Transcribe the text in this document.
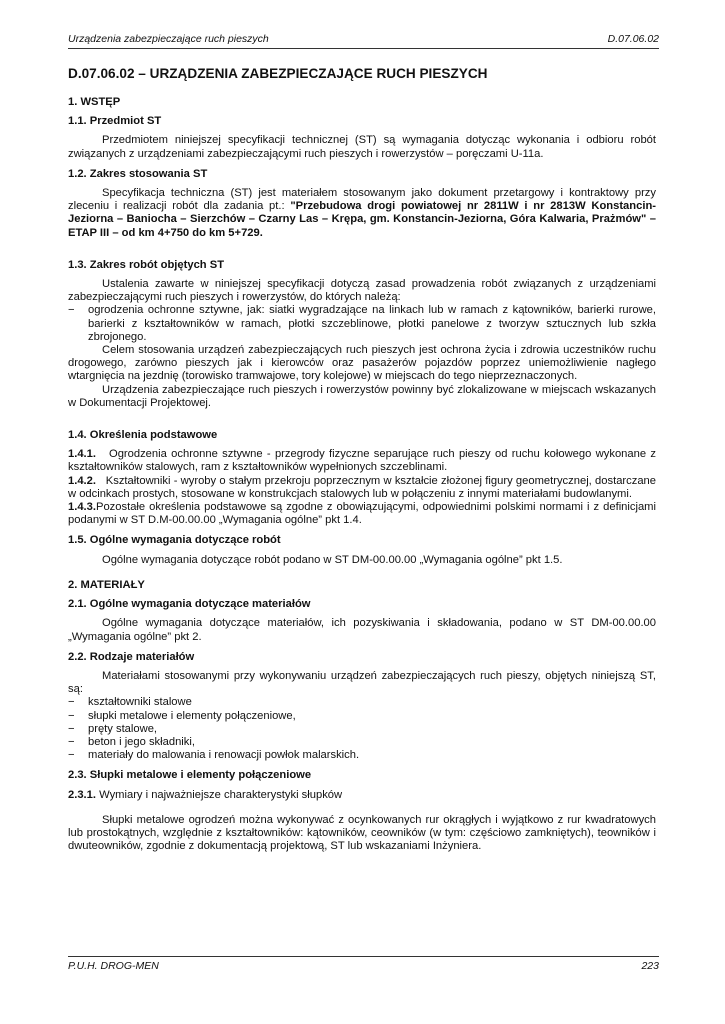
Urządzenia zabezpieczające ruch pieszych	D.07.06.02
D.07.06.02 – URZĄDZENIA ZABEZPIECZAJĄCE RUCH PIESZYCH
1. WSTĘP
1.1. Przedmiot ST

Przedmiotem niniejszej specyfikacji technicznej (ST) są wymagania dotycząc wykonania i odbioru robót związanych z urządzeniami zabezpieczającymi ruch pieszych i rowerzystów – poręczami U-11a.

1.2. Zakres stosowania ST

Specyfikacja techniczna (ST) jest materiałem stosowanym jako dokument przetargowy i kontraktowy przy zleceniu i realizacji robót dla zadania pt.: "Przebudowa drogi powiatowej nr 2811W i nr 2813W Konstancin-Jeziorna – Baniocha – Sierzchów – Czarny Las – Krępa, gm. Konstancin-Jeziorna, Góra Kalwaria, Prażmów" – ETAP III – od km 4+750 do km 5+729.

1.3. Zakres robót objętych ST

Ustalenia zawarte w niniejszej specyfikacji dotyczą zasad prowadzenia robót związanych z urządzeniami zabezpieczającymi ruch pieszych i rowerzystów, do których należą:

− ogrodzenia ochronne sztywne, jak: siatki wygradzające na linkach lub w ramach z kątowników, barierki rurowe, barierki z kształtowników w ramach, płotki szczeblinowe, płotki panelowe z tworzyw sztucznych lub szkła zbrojonego.

Celem stosowania urządzeń zabezpieczających ruch pieszych jest ochrona życia i zdrowia uczestników ruchu drogowego, zarówno pieszych jak i kierowców oraz pasażerów pojazdów poprzez uniemożliwienie nagłego wtargnięcia na jezdnię (torowisko tramwajowe, tory kolejowe) w miejscach do tego nieprzeznaczonych.

Urządzenia zabezpieczające ruch pieszych i rowerzystów powinny być zlokalizowane w miejscach wskazanych w Dokumentacji Projektowej.

1.4. Określenia podstawowe

1.4.1. Ogrodzenia ochronne sztywne - przegrody fizyczne separujące ruch pieszy od ruchu kołowego wykonane z kształtowników stalowych, ram z kształtowników wypełnionych szczeblinami.

1.4.2. Kształtowniki - wyroby o stałym przekroju poprzecznym w kształcie złożonej figury geometrycznej, dostarczane w odcinkach prostych, stosowane w konstrukcjach stalowych lub w połączeniu z innymi materiałami budowlanymi.

1.4.3.Pozostałe określenia podstawowe są zgodne z obowiązującymi, odpowiednimi polskimi normami i z definicjami podanymi w ST D.M-00.00.00 „Wymagania ogólne” pkt 1.4.

1.5. Ogólne wymagania dotyczące robót

Ogólne wymagania dotyczące robót podano w ST DM-00.00.00 „Wymagania ogólne” pkt 1.5.

2. MATERIAŁY
2.1. Ogólne wymagania dotyczące materiałów

Ogólne wymagania dotyczące materiałów, ich pozyskiwania i składowania, podano w ST DM-00.00.00 „Wymagania ogólne” pkt 2.

2.2. Rodzaje materiałów

Materiałami stosowanymi przy wykonywaniu urządzeń zabezpieczających ruch pieszy, objętych niniejszą ST, są:

− kształtowniki stalowe
− słupki metalowe i elementy połączeniowe,
− pręty stalowe,
− beton i jego składniki,
− materiały do malowania i renowacji powłok malarskich.
2.3. Słupki metalowe i elementy połączeniowe

2.3.1. Wymiary i najważniejsze charakterystyki słupków

Słupki metalowe ogrodzeń można wykonywać z ocynkowanych rur okrągłych i wyjątkowo z rur kwadratowych lub prostokątnych, względnie z kształtowników: kątowników, ceowników (w tym: częściowo zamkniętych), teowników i dwuteowników, zgodnie z dokumentacją projektową, ST lub wskazaniami Inżyniera.

P.U.H. DROG-MEN	223
